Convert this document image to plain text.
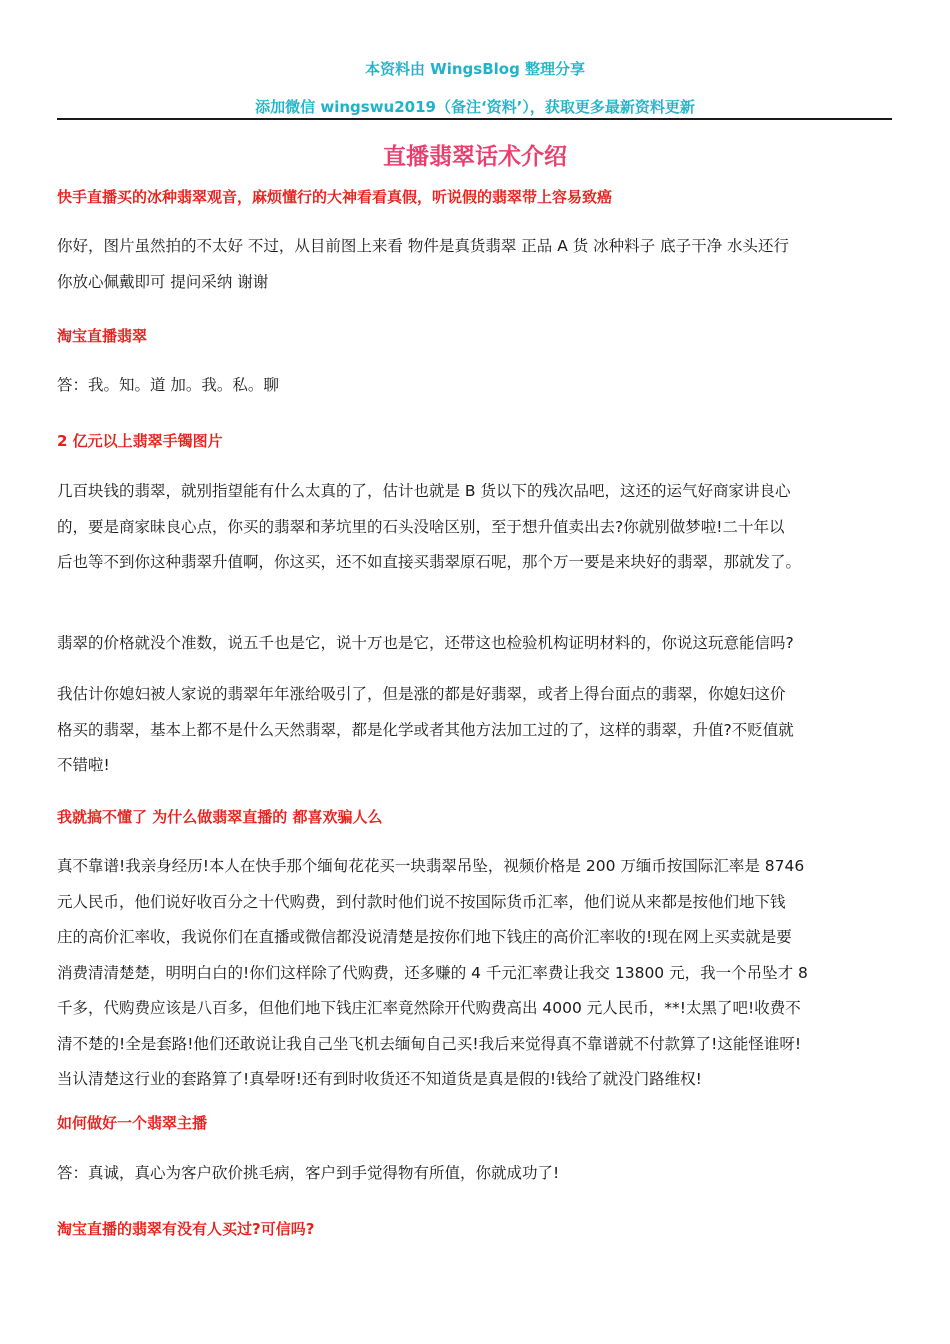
本资料由 WingsBlog 整理分享
添加微信 wingswu2019（备注‘资料’），获取更多最新资料更新
直播翡翠话术介绍
快手直播买的冰种翡翠观音，麻烦懂行的大神看看真假，听说假的翡翠带上容易致癌
你好，图片虽然拍的不太好 不过，从目前图上来看 物件是真货翡翠 正品 A 货 冰种料子 底子干净 水头还行
你放心佩戴即可 提问采纳 谢谢
淘宝直播翡翠
答：我。知。道 加。我。私。聊
2 亿元以上翡翠手镯图片
几百块钱的翡翠，就别指望能有什么太真的了，估计也就是 B 货以下的残次品吧，这还的运气好商家讲良心
的，要是商家昧良心点，你买的翡翠和茅坑里的石头没啥区别，至于想升值卖出去?你就别做梦啦!二十年以
后也等不到你这种翡翠升值啊，你这买，还不如直接买翡翠原石呢，那个万一要是来块好的翡翠，那就发了。
翡翠的价格就没个准数，说五千也是它，说十万也是它，还带这也检验机构证明材料的，你说这玩意能信吗?
我估计你媳妇被人家说的翡翠年年涨给吸引了，但是涨的都是好翡翠，或者上得台面点的翡翠，你媳妇这价
格买的翡翠，基本上都不是什么天然翡翠，都是化学或者其他方法加工过的了，这样的翡翠，升值?不贬值就
不错啦!
我就搞不懂了 为什么做翡翠直播的 都喜欢骗人么
真不靠谱!我亲身经历!本人在快手那个缅甸花花买一块翡翠吊坠，视频价格是 200 万缅币按国际汇率是 8746
元人民币，他们说好收百分之十代购费，到付款时他们说不按国际货币汇率，他们说从来都是按他们地下钱
庄的高价汇率收，我说你们在直播或微信都没说清楚是按你们地下钱庄的高价汇率收的!现在网上买卖就是要
消费清清楚楚，明明白白的!你们这样除了代购费，还多赚的 4 千元汇率费让我交 13800 元，我一个吊坠才 8
千多，代购费应该是八百多，但他们地下钱庄汇率竟然除开代购费高出 4000 元人民币，**!太黑了吧!收费不
清不楚的!全是套路!他们还敢说让我自己坐飞机去缅甸自己买!我后来觉得真不靠谱就不付款算了!这能怪谁呀!
当认清楚这行业的套路算了!真晕呀!还有到时收货还不知道货是真是假的!钱给了就没门路维权!
如何做好一个翡翠主播
答：真诚，真心为客户砍价挑毛病，客户到手觉得物有所值，你就成功了!
淘宝直播的翡翠有没有人买过?可信吗?
